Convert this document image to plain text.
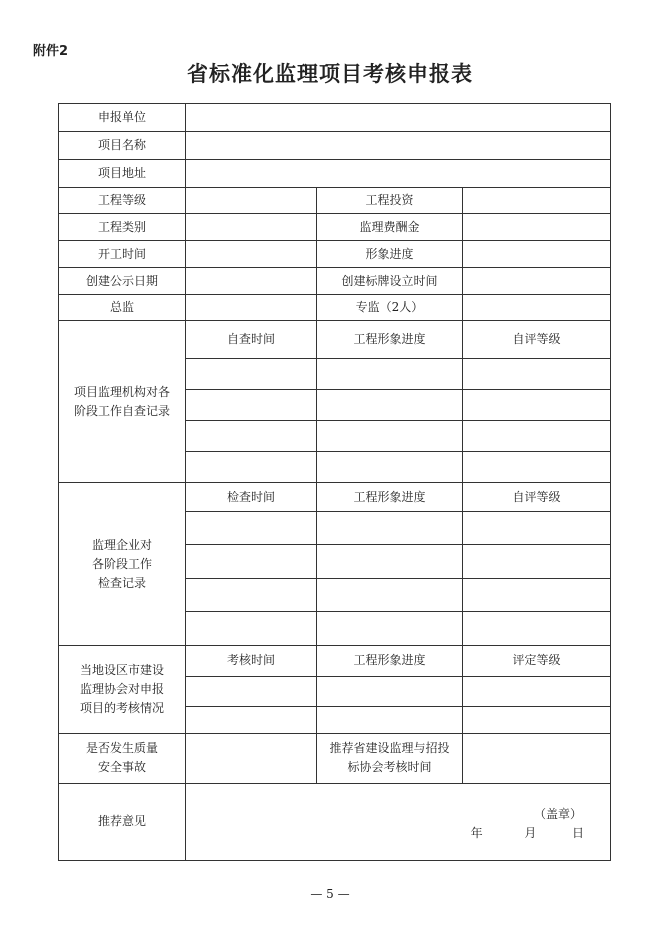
附件2
省标准化监理项目考核申报表
申报单位			
项目名称			
项目地址			
工程等级		工程投资	
工程类别		监理费酬金	
开工时间		形象进度	
创建公示日期		创建标牌设立时间	
总监		专监（2人）	

项目监理机构对各
阶段工作自查记录	自查时间	工程形象进度	自评等级

监理企业对
各阶段工作
检查记录	检查时间	工程形象进度	自评等级

当地设区市建设
监理协会对申报
项目的考核情况	考核时间	工程形象进度	评定等级

是否发生质量
安全事故		推荐省建设监理与招投
标协会考核时间	

推荐意见	（盖章）
年 月 日		
— 5 —
